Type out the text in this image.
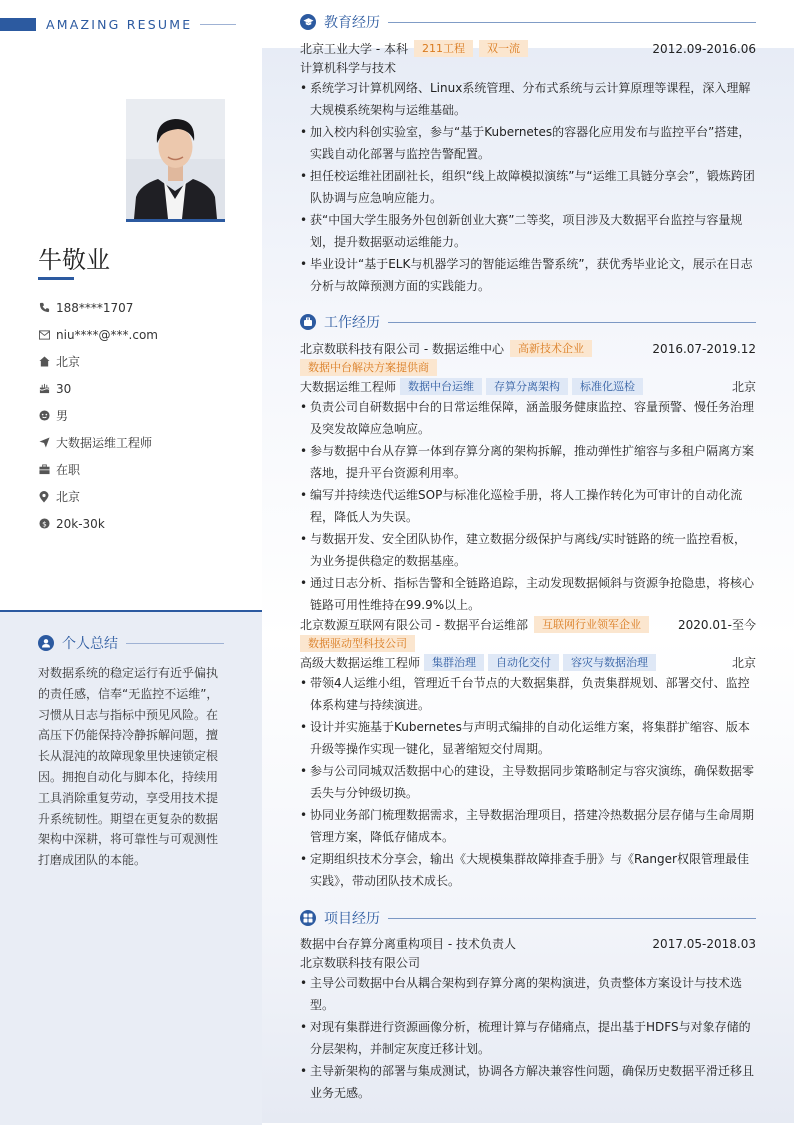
AMAZING RESUME
牛敬业
188****1707
niu****@***.com
北京
30
男
大数据运维工程师
在职
北京
$ 20k-30k
个人总结
对数据系统的稳定运行有近乎偏执的责任感，信奉“无监控不运维”，习惯从日志与指标中预见风险。在高压下仍能保持冷静拆解问题，擅长从混沌的故障现象里快速锁定根因。拥抱自动化与脚本化，持续用工具消除重复劳动，享受用技术提升系统韧性。期望在更复杂的数据架构中深耕，将可靠性与可观测性打磨成团队的本能。
教育经历
北京工业大学 - 本科	211工程	双一流	2012.09-2016.06
计算机科学与技术
• 系统学习计算机网络、Linux系统管理、分布式系统与云计算原理等课程，深入理解大规模系统架构与运维基础。
• 加入校内科创实验室，参与“基于Kubernetes的容器化应用发布与监控平台”搭建，实践自动化部署与监控告警配置。
• 担任校运维社团副社长，组织“线上故障模拟演练”与“运维工具链分享会”，锻炼跨团队协调与应急响应能力。
• 获“中国大学生服务外包创新创业大赛”二等奖，项目涉及大数据平台监控与容量规划，提升数据驱动运维能力。
• 毕业设计“基于ELK与机器学习的智能运维告警系统”，获优秀毕业论文，展示在日志分析与故障预测方面的实践能力。
工作经历
北京数联科技有限公司 - 数据运维中心	高新技术企业	2016.07-2019.12
数据中台解决方案提供商
大数据运维工程师	数据中台运维	存算分离架构	标准化巡检	北京
• 负责公司自研数据中台的日常运维保障，涵盖服务健康监控、容量预警、慢任务治理及突发故障应急响应。
• 参与数据中台从存算一体到存算分离的架构拆解，推动弹性扩缩容与多租户隔离方案落地，提升平台资源利用率。
• 编写并持续迭代运维SOP与标准化巡检手册，将人工操作转化为可审计的自动化流程，降低人为失误。
• 与数据开发、安全团队协作，建立数据分级保护与离线/实时链路的统一监控看板，为业务提供稳定的数据基座。
• 通过日志分析、指标告警和全链路追踪，主动发现数据倾斜与资源争抢隐患，将核心链路可用性维持在99.9%以上。
北京数源互联网有限公司 - 数据平台运维部	互联网行业领军企业	2020.01-至今
数据驱动型科技公司
高级大数据运维工程师	集群治理	自动化交付	容灾与数据治理	北京
• 带领4人运维小组，管理近千台节点的大数据集群，负责集群规划、部署交付、监控体系构建与持续演进。
• 设计并实施基于Kubernetes与声明式编排的自动化运维方案，将集群扩缩容、版本升级等操作实现一键化，显著缩短交付周期。
• 参与公司同城双活数据中心的建设，主导数据同步策略制定与容灾演练，确保数据零丢失与分钟级切换。
• 协同业务部门梳理数据需求，主导数据治理项目，搭建冷热数据分层存储与生命周期管理方案，降低存储成本。
• 定期组织技术分享会，输出《大规模集群故障排查手册》与《Ranger权限管理最佳实践》，带动团队技术成长。
项目经历
数据中台存算分离重构项目 - 技术负责人	2017.05-2018.03
北京数联科技有限公司
• 主导公司数据中台从耦合架构到存算分离的架构演进，负责整体方案设计与技术选型。
• 对现有集群进行资源画像分析，梳理计算与存储痛点，提出基于HDFS与对象存储的分层架构，并制定灰度迁移计划。
• 主导新架构的部署与集成测试，协调各方解决兼容性问题，确保历史数据平滑迁移且业务无感。
